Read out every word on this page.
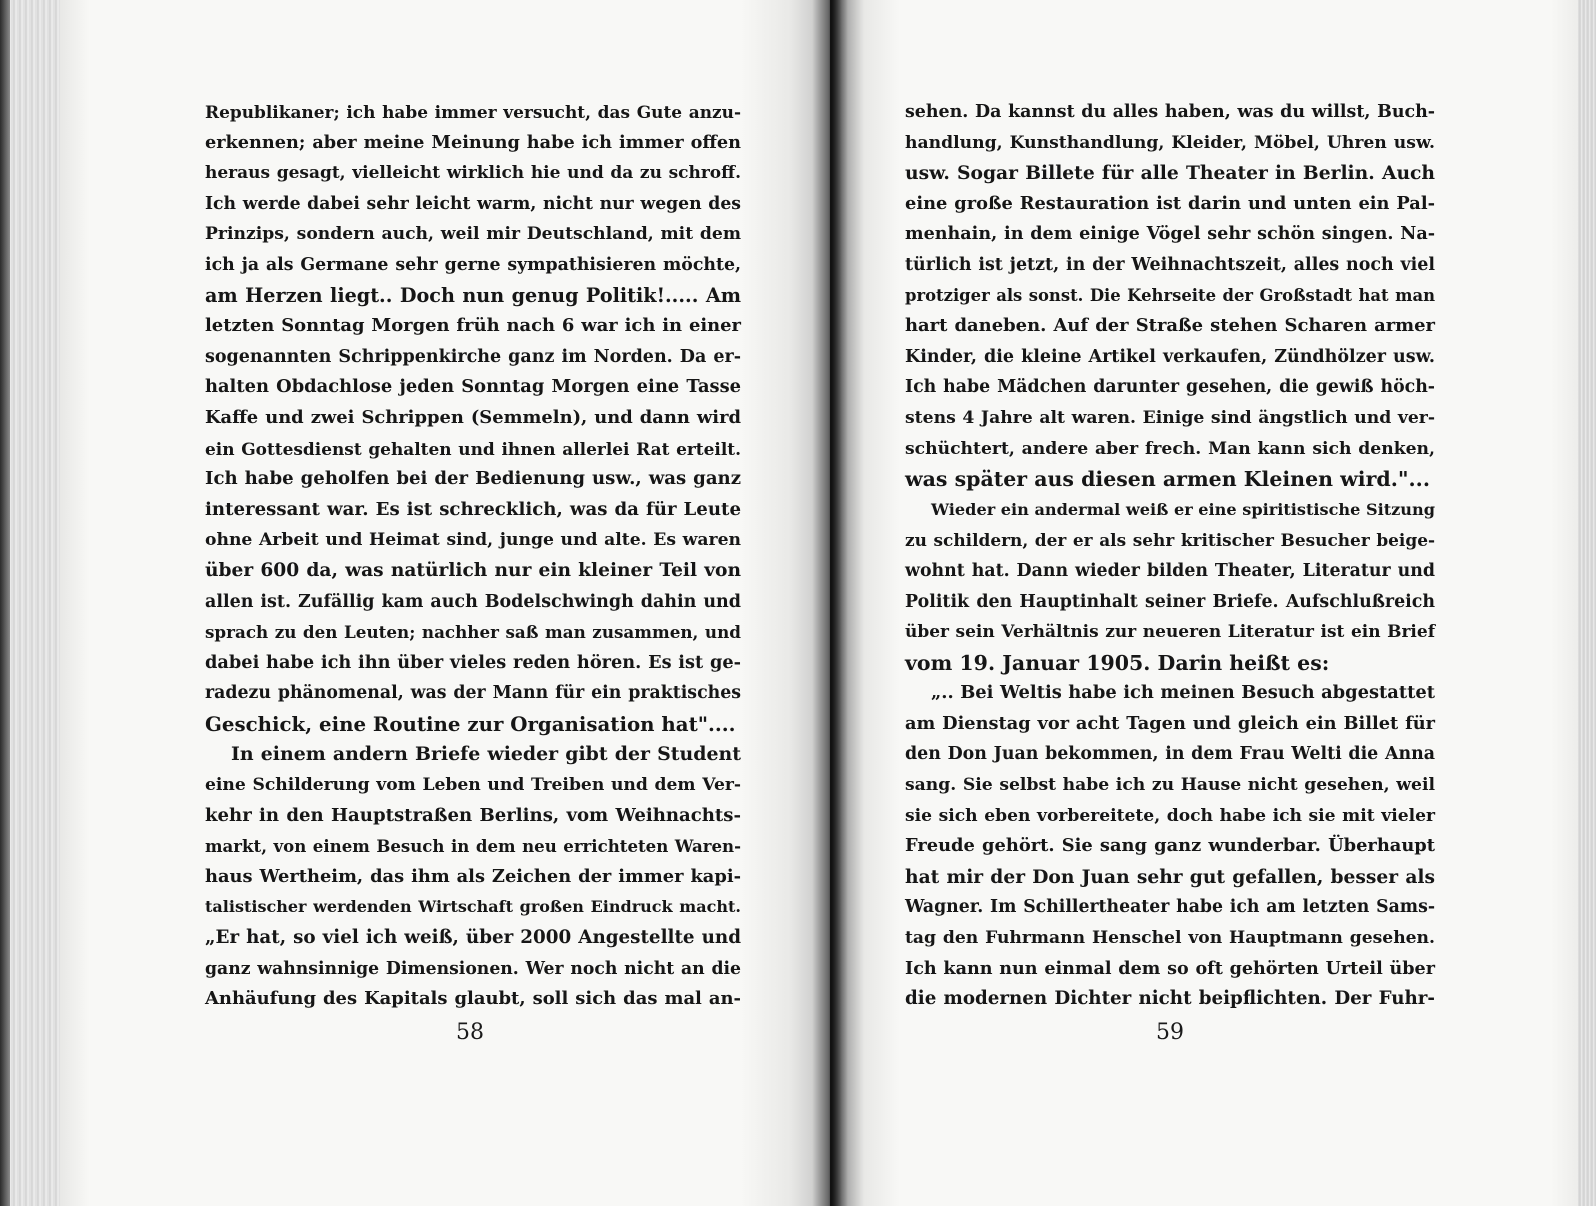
Republikaner; ich habe immer versucht, das Gute anzu-
erkennen; aber meine Meinung habe ich immer offen
heraus gesagt, vielleicht wirklich hie und da zu schroff.
Ich werde dabei sehr leicht warm, nicht nur wegen des
Prinzips, sondern auch, weil mir Deutschland, mit dem
ich ja als Germane sehr gerne sympathisieren möchte,
am Herzen liegt.. Doch nun genug Politik!..... Am
letzten Sonntag Morgen früh nach 6 war ich in einer
sogenannten Schrippenkirche ganz im Norden. Da er-
halten Obdachlose jeden Sonntag Morgen eine Tasse
Kaffe und zwei Schrippen (Semmeln), und dann wird
ein Gottesdienst gehalten und ihnen allerlei Rat erteilt.
Ich habe geholfen bei der Bedienung usw., was ganz
interessant war. Es ist schrecklich, was da für Leute
ohne Arbeit und Heimat sind, junge und alte. Es waren
über 600 da, was natürlich nur ein kleiner Teil von
allen ist. Zufällig kam auch Bodelschwingh dahin und
sprach zu den Leuten; nachher saß man zusammen, und
dabei habe ich ihn über vieles reden hören. Es ist ge-
radezu phänomenal, was der Mann für ein praktisches
Geschick, eine Routine zur Organisation hat"....
In einem andern Briefe wieder gibt der Student
eine Schilderung vom Leben und Treiben und dem Ver-
kehr in den Hauptstraßen Berlins, vom Weihnachts-
markt, von einem Besuch in dem neu errichteten Waren-
haus Wertheim, das ihm als Zeichen der immer kapi-
talistischer werdenden Wirtschaft großen Eindruck macht.
„Er hat, so viel ich weiß, über 2000 Angestellte und
ganz wahnsinnige Dimensionen. Wer noch nicht an die
Anhäufung des Kapitals glaubt, soll sich das mal an-
58
sehen. Da kannst du alles haben, was du willst, Buch-
handlung, Kunsthandlung, Kleider, Möbel, Uhren usw.
usw. Sogar Billete für alle Theater in Berlin. Auch
eine große Restauration ist darin und unten ein Pal-
menhain, in dem einige Vögel sehr schön singen. Na-
türlich ist jetzt, in der Weihnachtszeit, alles noch viel
protziger als sonst. Die Kehrseite der Großstadt hat man
hart daneben. Auf der Straße stehen Scharen armer
Kinder, die kleine Artikel verkaufen, Zündhölzer usw.
Ich habe Mädchen darunter gesehen, die gewiß höch-
stens 4 Jahre alt waren. Einige sind ängstlich und ver-
schüchtert, andere aber frech. Man kann sich denken,
was später aus diesen armen Kleinen wird."...
Wieder ein andermal weiß er eine spiritistische Sitzung
zu schildern, der er als sehr kritischer Besucher beige-
wohnt hat. Dann wieder bilden Theater, Literatur und
Politik den Hauptinhalt seiner Briefe. Aufschlußreich
über sein Verhältnis zur neueren Literatur ist ein Brief
vom 19. Januar 1905. Darin heißt es:
„.. Bei Weltis habe ich meinen Besuch abgestattet
am Dienstag vor acht Tagen und gleich ein Billet für
den Don Juan bekommen, in dem Frau Welti die Anna
sang. Sie selbst habe ich zu Hause nicht gesehen, weil
sie sich eben vorbereitete, doch habe ich sie mit vieler
Freude gehört. Sie sang ganz wunderbar. Überhaupt
hat mir der Don Juan sehr gut gefallen, besser als
Wagner. Im Schillertheater habe ich am letzten Sams-
tag den Fuhrmann Henschel von Hauptmann gesehen.
Ich kann nun einmal dem so oft gehörten Urteil über
die modernen Dichter nicht beipflichten. Der Fuhr-
59
